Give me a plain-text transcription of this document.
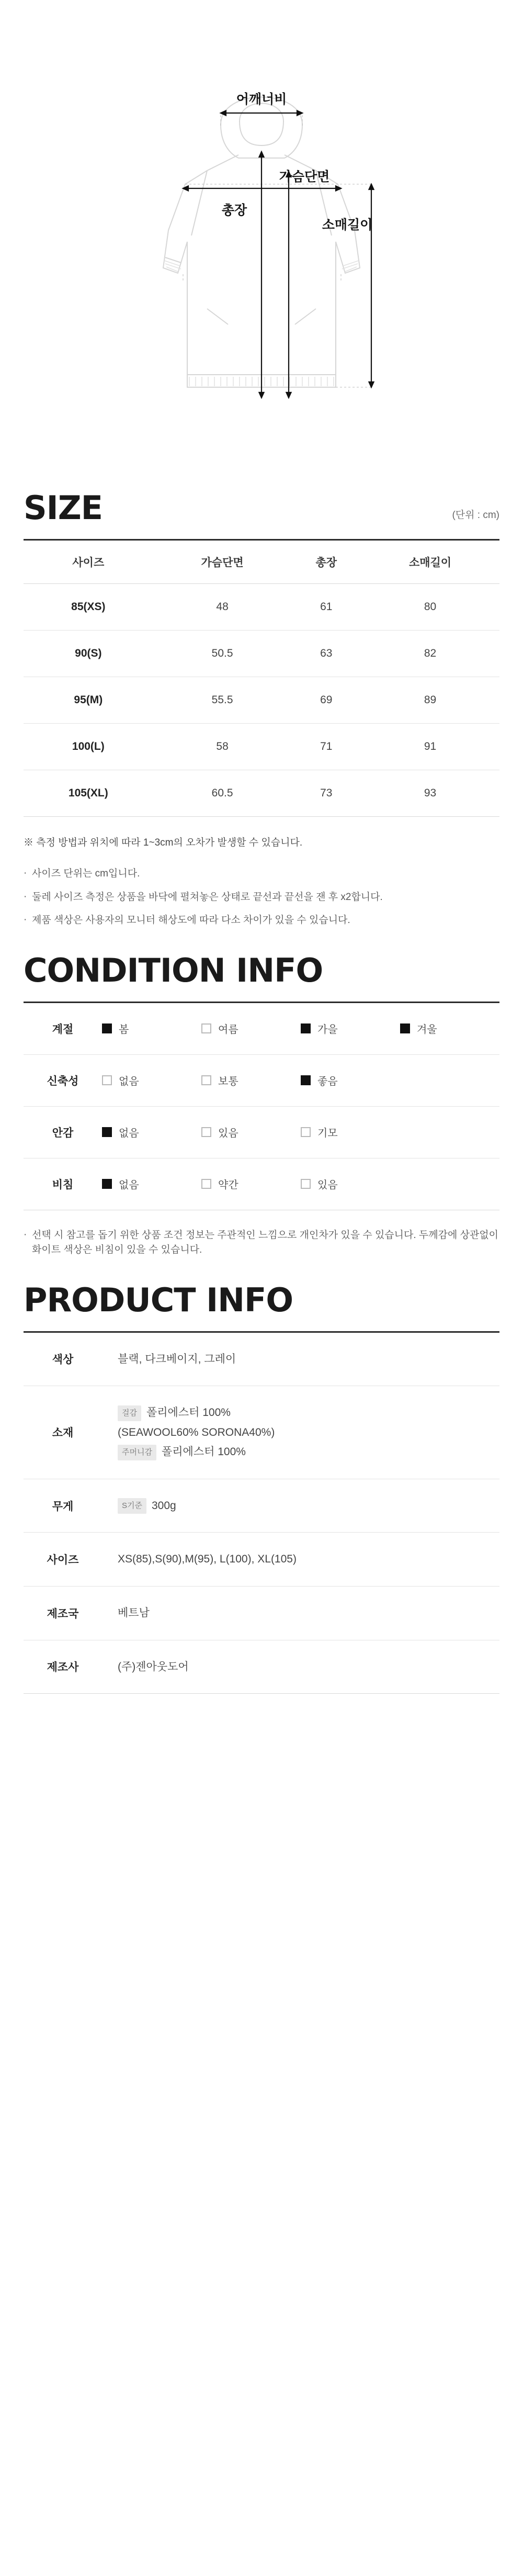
어깨너비
가슴단면
총장
소매길이
SIZE	(단위 : cm)
사이즈	가슴단면	총장	소매길이
85(XS)	48	61	80
90(S)	50.5	63	82
95(M)	55.5	69	89
100(L)	58	71	91
105(XL)	60.5	73	93
※ 측정 방법과 위치에 따라 1~3cm의 오차가 발생할 수 있습니다.
· 사이즈 단위는 cm입니다.
· 둘레 사이즈 측정은 상품을 바닥에 펼쳐놓은 상태로 끝선과 끝선을 잰 후 x2합니다.
· 제품 색상은 사용자의 모니터 해상도에 따라 다소 차이가 있을 수 있습니다.
CONDITION INFO
계절	봄 여름 가을 겨울

신축성	없음 보통 좋음

안감	없음 있음 기모

비침	없음 약간 있음
· 선택 시 참고를 돕기 위한 상품 조건 정보는 주관적인 느낌으로 개인차가 있을 수 있습니다. 두께감에 상관없이 화이트 색상은 비침이 있을 수 있습니다.
PRODUCT INFO
색상	블랙, 다크베이지, 그레이
소재	걸감 폴리에스터 100%
(SEAWOOL60% SORONA40%)
주머니감 폴리에스터 100%

무게	S기준 300g
사이즈	XS(85),S(90),M(95), L(100), XL(105)
제조국	베트남
제조사	(주)젠아웃도어
